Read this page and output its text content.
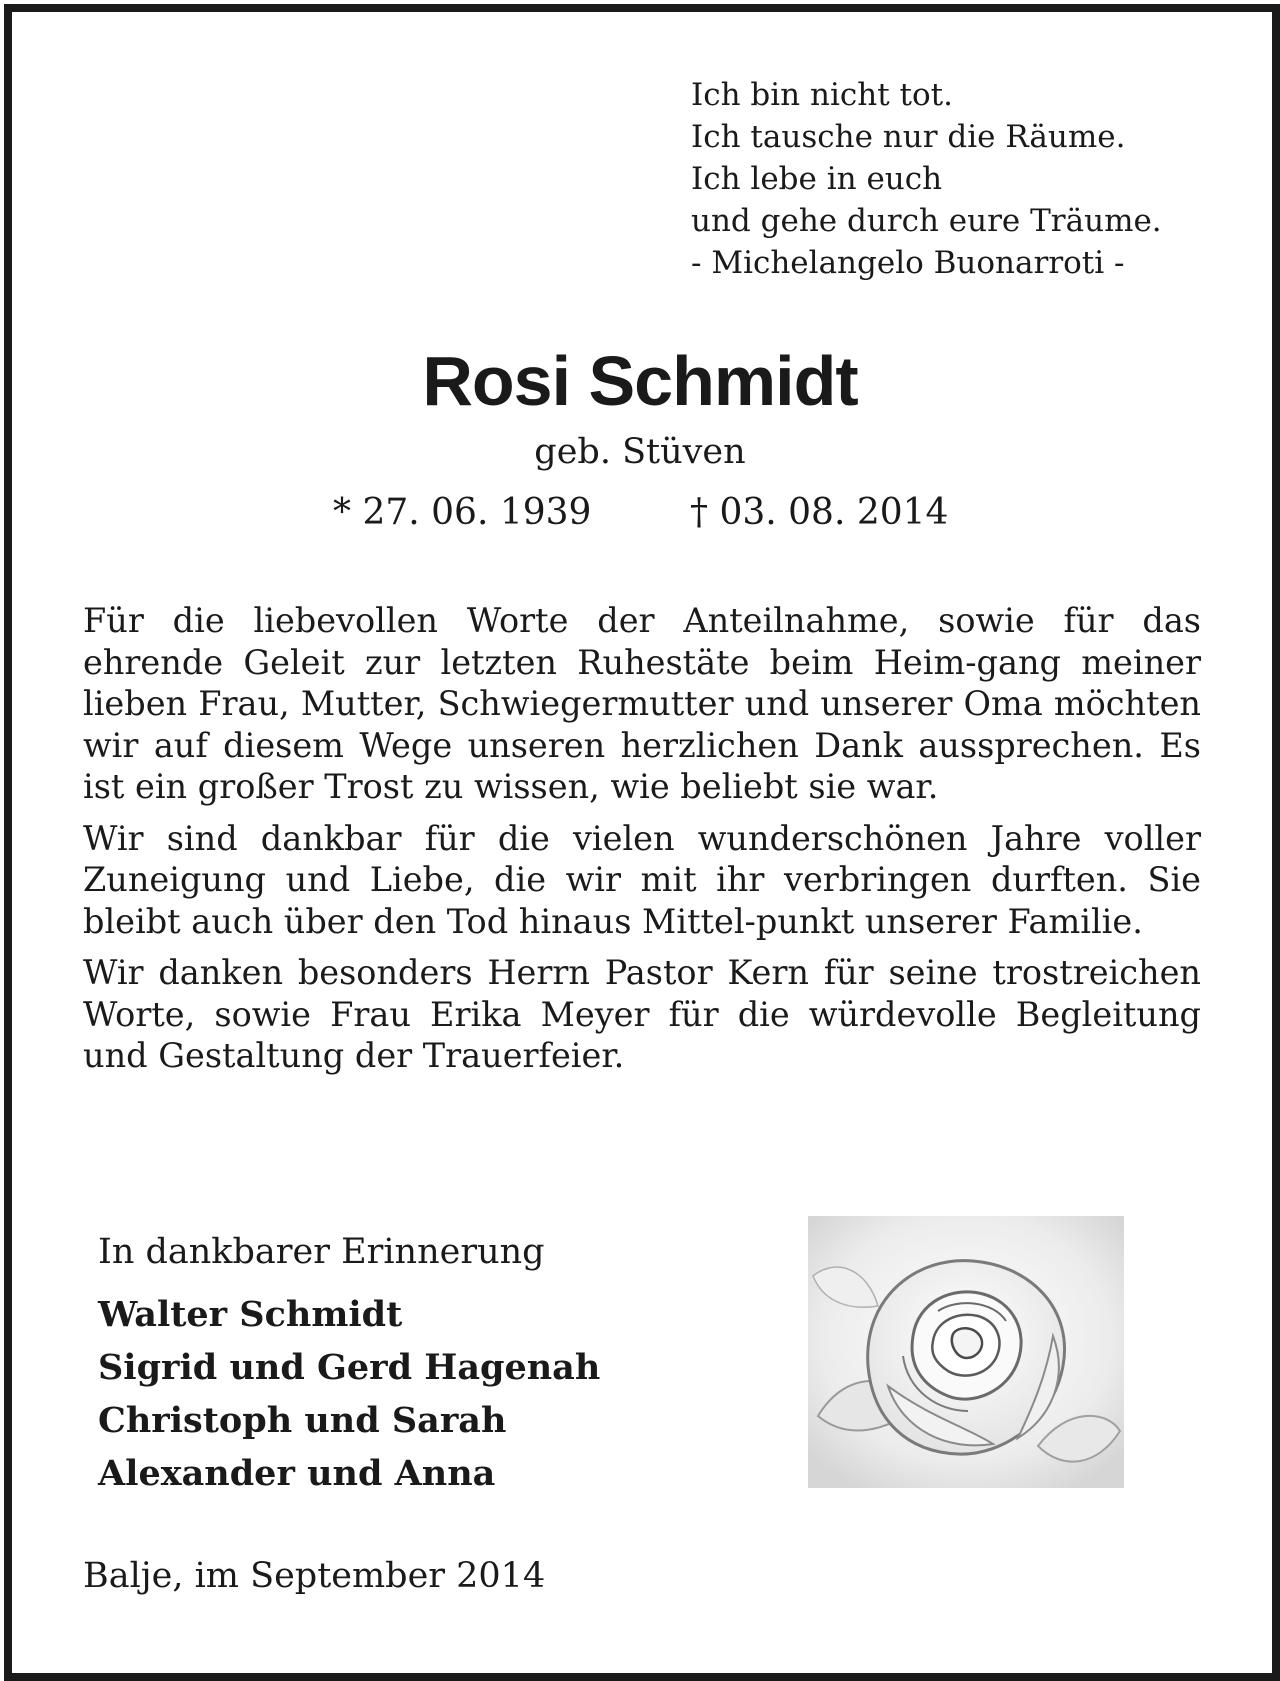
Ich bin nicht tot.
Ich tausche nur die Räume.
Ich lebe in euch
und gehe durch eure Träume.
- Michelangelo Buonarroti -
Rosi Schmidt
geb. Stüven
* 27. 06. 1939	† 03. 08. 2014

Für die liebevollen Worte der Anteilnahme, sowie für das ehrende Geleit zur letzten Ruhestäte beim Heim-gang meiner lieben Frau, Mutter, Schwiegermutter und unserer Oma möchten wir auf diesem Wege unseren herzlichen Dank aussprechen. Es ist ein großer Trost zu wissen, wie beliebt sie war.

Wir sind dankbar für die vielen wunderschönen Jahre voller Zuneigung und Liebe, die wir mit ihr verbringen durften. Sie bleibt auch über den Tod hinaus Mittel-punkt unserer Familie.

Wir danken besonders Herrn Pastor Kern für seine trostreichen Worte, sowie Frau Erika Meyer für die würdevolle Begleitung und Gestaltung der Trauerfeier.

In dankbarer Erinnerung
Walter Schmidt
Sigrid und Gerd Hagenah
Christoph und Sarah
Alexander und Anna
Balje, im September 2014
